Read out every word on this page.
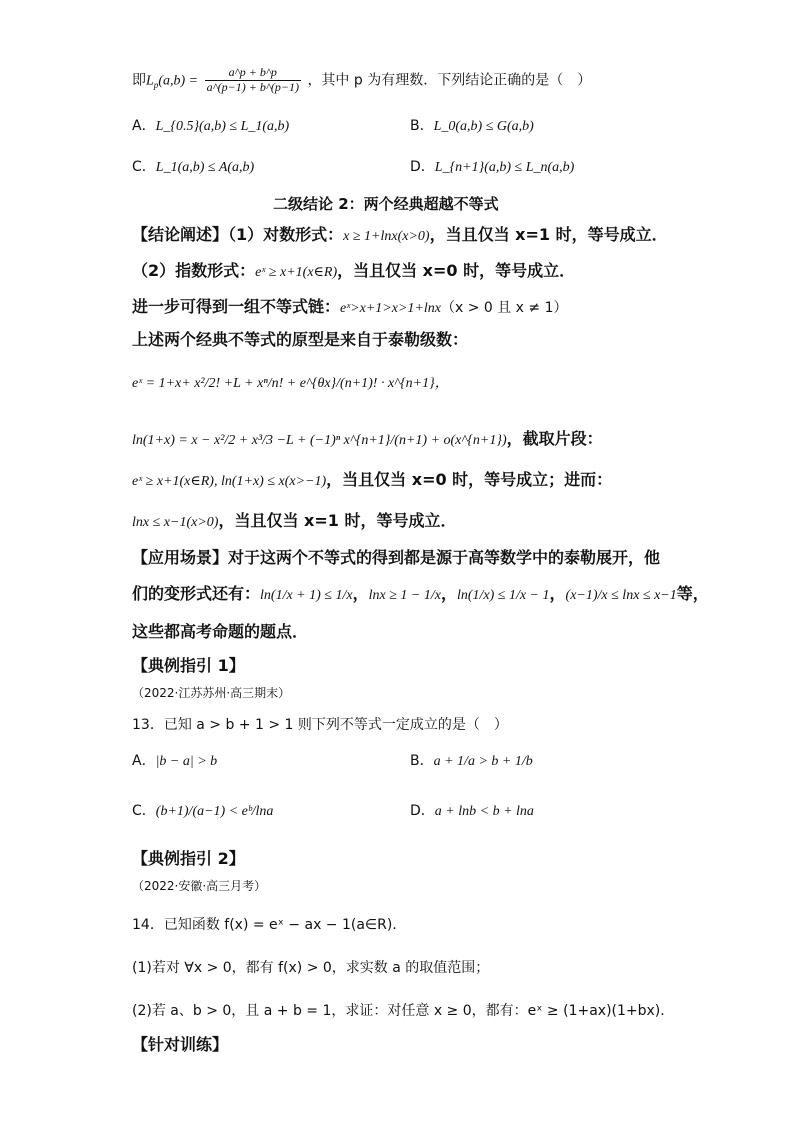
即$L_p(a,b) = \frac{a\^{}p + b\^{}p}{a\^{}(p-1) + b\^{}(p-1)}$ ，其中 p 为有理数．下列结论正确的是（　）
A．L_{0.5}(a,b) ≤ L_1(a,b)	B．L_0(a,b) ≤ G(a,b)
C．L_1(a,b) ≤ A(a,b)	D．L_{n+1}(a,b) ≤ L_n(a,b)
二级结论 2：两个经典超越不等式
【结论阐述】（1）对数形式：x ≥ 1+lnx(x>0)，当且仅当 x=1 时，等号成立．
（2）指数形式：eˣ ≥ x+1(x∈R)，当且仅当 x=0 时，等号成立．
进一步可得到一组不等式链：eˣ>x+1>x>1+lnx（x > 0 且 x ≠ 1）
上述两个经典不等式的原型是来自于泰勒级数：
eˣ = 1+x+ x²/2! +L + xⁿ/n! + e^{θx}/(n+1)! · x^{n+1}，
ln(1+x) = x − x²/2 + x³/3 −L + (−1)ⁿ x^{n+1}/(n+1) + o(x^{n+1})，截取片段：
eˣ ≥ x+1(x∈R), ln(1+x) ≤ x(x>−1)，当且仅当 x=0 时，等号成立；进而：
lnx ≤ x−1(x>0)，当且仅当 x=1 时，等号成立．
【应用场景】对于这两个不等式的得到都是源于高等数学中的泰勒展开，他
们的变形式还有：ln(1/x + 1) ≤ 1/x，lnx ≥ 1 − 1/x，ln(1/x) ≤ 1/x − 1，(x−1)/x ≤ lnx ≤ x−1等，
这些都高考命题的题点．
【典例指引 1】
（2022·江苏苏州·高三期末）
13．已知 a > b + 1 > 1 则下列不等式一定成立的是（　）
A．|b − a| > b	B．a + 1/a > b + 1/b
C．(b+1)/(a−1) < eᵇ/lna	D．a + lnb < b + lna
【典例指引 2】
（2022·安徽·高三月考）
14．已知函数 f(x) = eˣ − ax − 1(a∈R)．
(1)若对 ∀x > 0，都有 f(x) > 0，求实数 a 的取值范围；
(2)若 a、b > 0，且 a + b = 1，求证：对任意 x ≥ 0，都有：eˣ ≥ (1+ax)(1+bx)．
【针对训练】
